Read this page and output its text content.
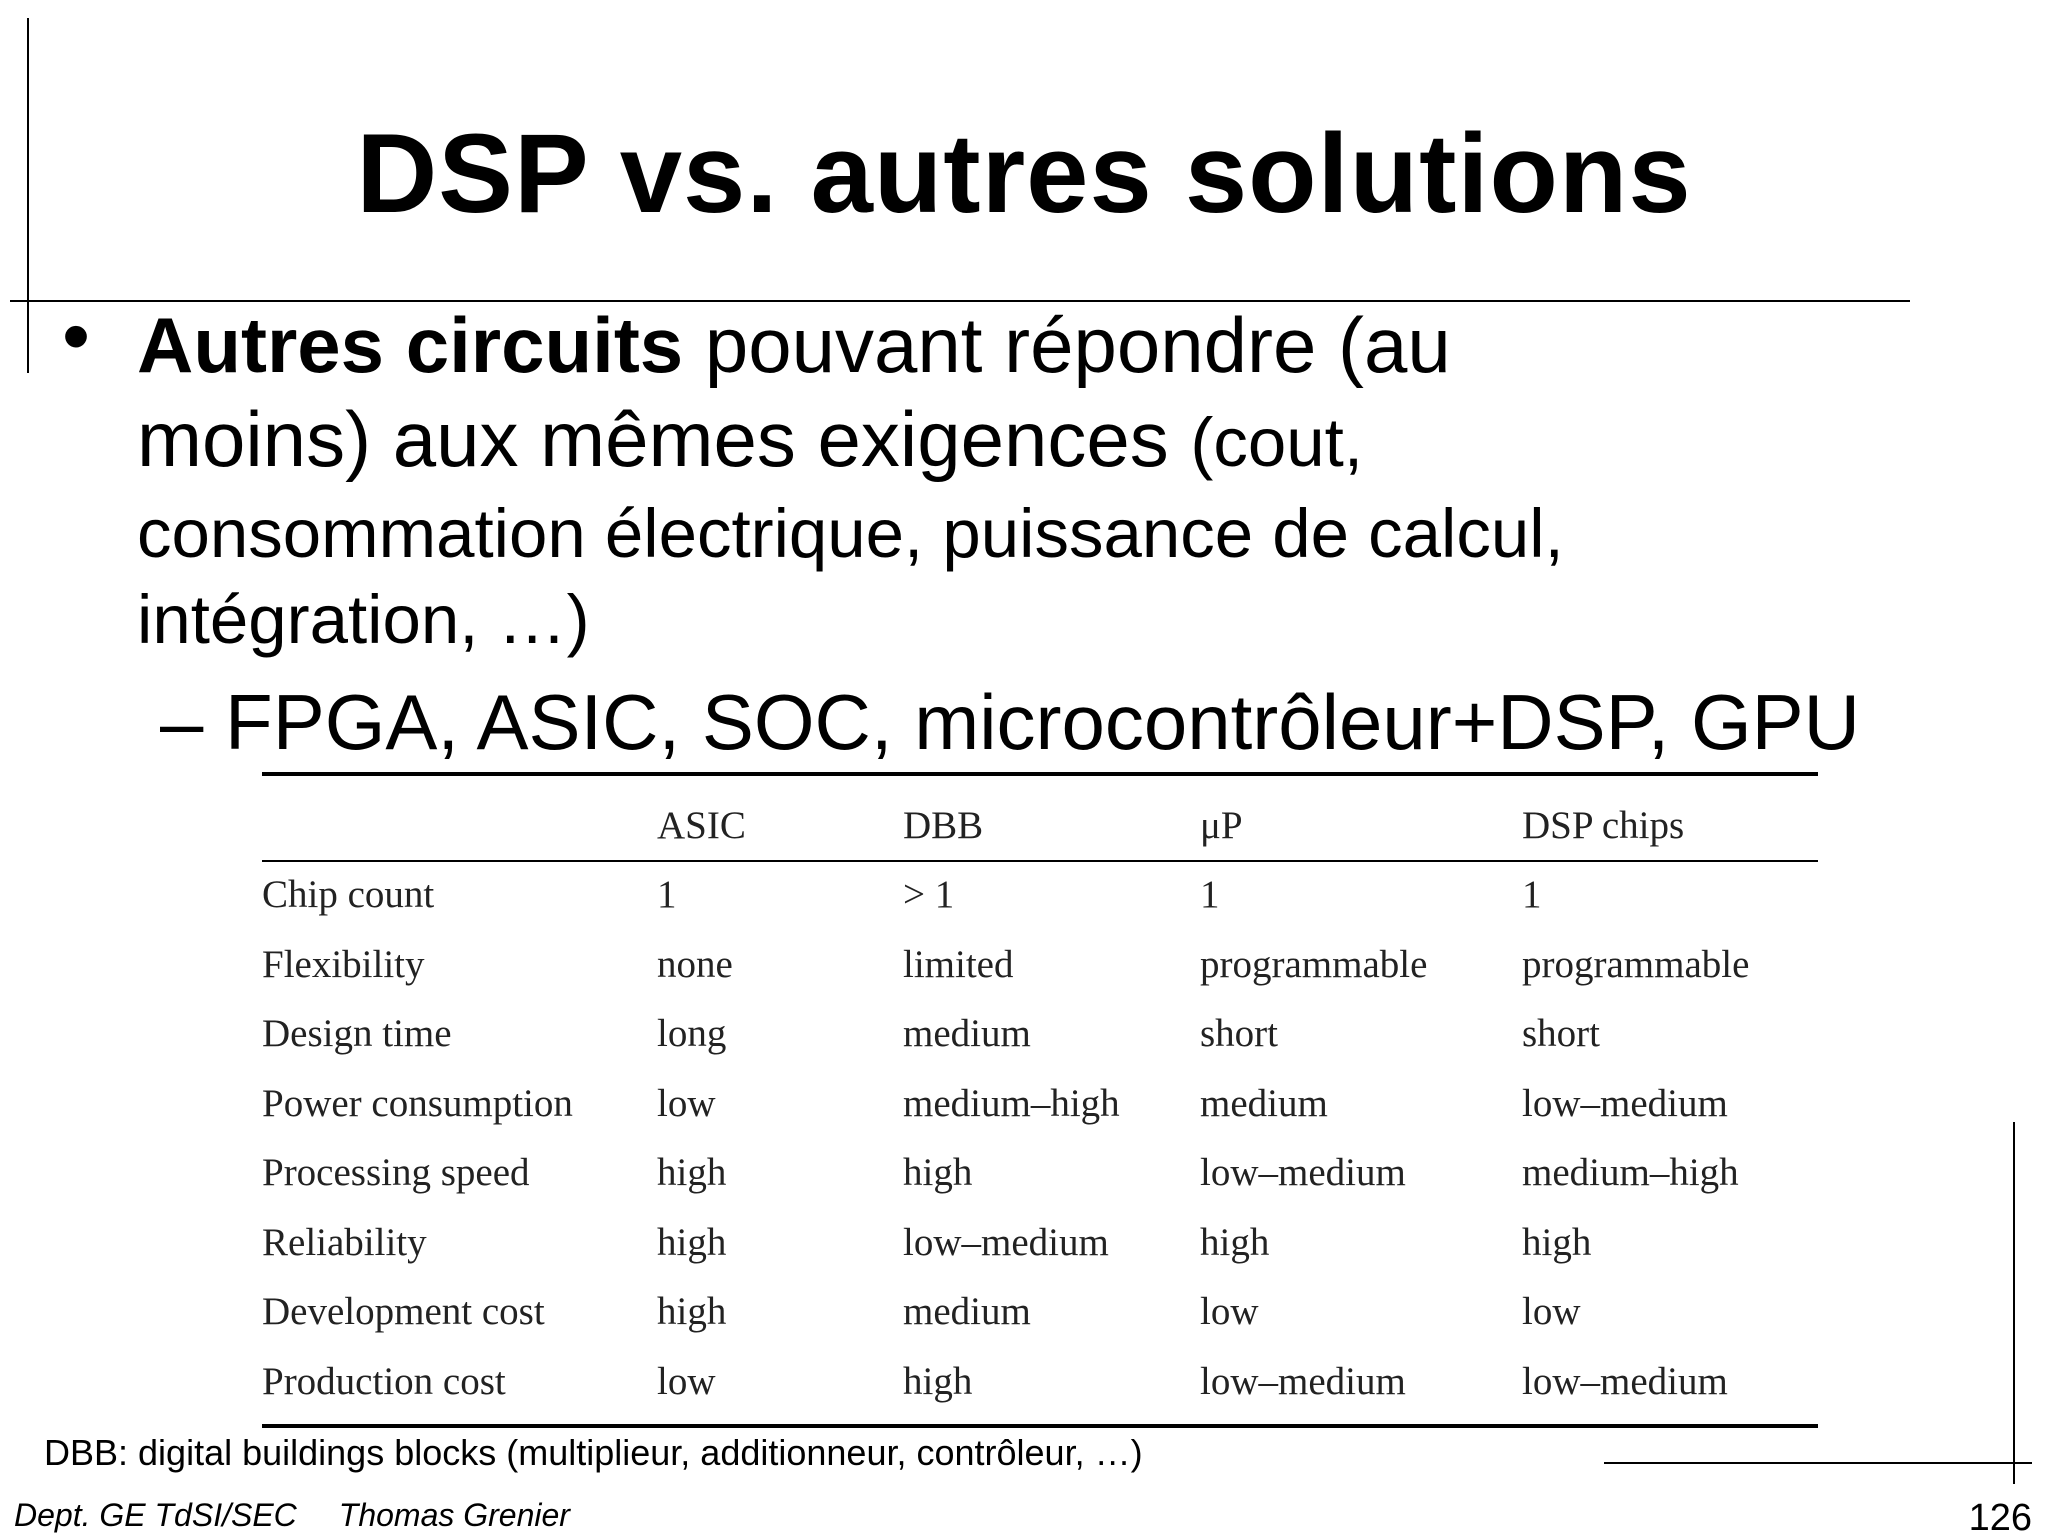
DSP vs. autres solutions
• Autres circuits pouvant répondre (au
moins) aux mêmes exigences (cout,
consommation électrique, puissance de calcul,
intégration, …)
– FPGA, ASIC, SOC, microcontrôleur+DSP, GPU
	ASIC	DBB	μP	DSP chips
Chip count	1	> 1	1	1
Flexibility	none	limited	programmable	programmable
Design time	long	medium	short	short
Power consumption	low	medium–high	medium	low–medium
Processing speed	high	high	low–medium	medium–high
Reliability	high	low–medium	high	high
Development cost	high	medium	low	low
Production cost	low	high	low–medium	low–medium
DBB: digital buildings blocks (multiplieur, additionneur, contrôleur, …)
Dept. GE TdSI/SEC Thomas Grenier	126
